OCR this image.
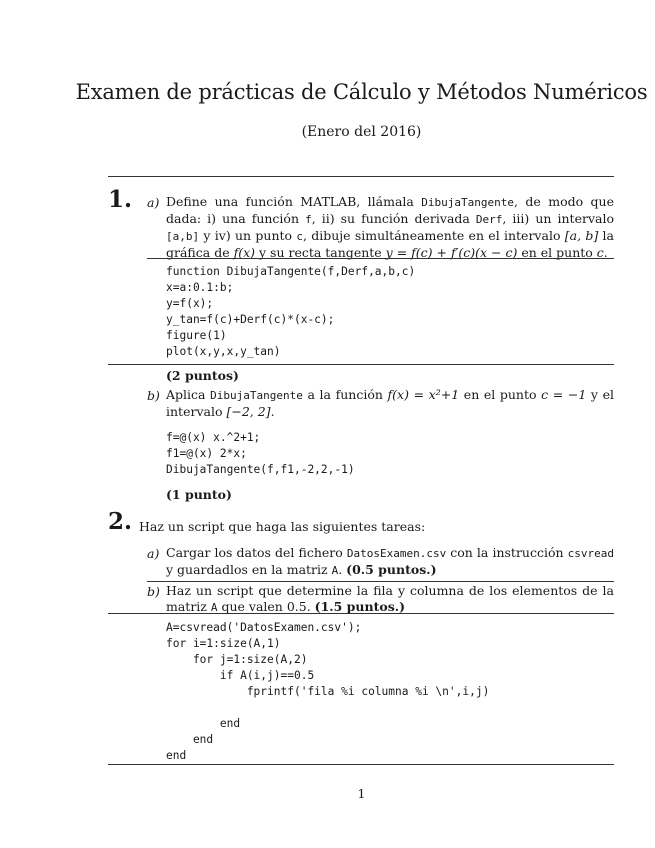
Examen de prácticas de Cálculo y Métodos Numéricos
(Enero del 2016)
1. a) Define una función MATLAB, llámala DibujaTangente, de modo que dada: i) una función f, ii) su función derivada Derf, iii) un intervalo [a,b] y iv) un punto c, dibuje simultáneamente en el intervalo [a, b] la gráfica de f(x) y su recta tangente y = f(c) + f′(c)(x − c) en el punto c.
function DibujaTangente(f,Derf,a,b,c)
x=a:0.1:b;
y=f(x);
y_tan=f(c)+Derf(c)*(x-c);
figure(1)
plot(x,y,x,y_tan)
(2 puntos)
b) Aplica DibujaTangente a la función f(x) = x²+1 en el punto c = −1 y el intervalo [−2, 2].
f=@(x) x.^2+1;
f1=@(x) 2*x;
DibujaTangente(f,f1,-2,2,-1)
(1 punto)
2. Haz un script que haga las siguientes tareas:
a) Cargar los datos del fichero DatosExamen.csv con la instrucción csvread y guardadlos en la matriz A. (0.5 puntos.)
b) Haz un script que determine la fila y columna de los elementos de la matriz A que valen 0.5. (1.5 puntos.)
A=csvread('DatosExamen.csv');
for i=1:size(A,1)
for j=1:size(A,2)
if A(i,j)==0.5
fprintf('fila %i columna %i \n',i,j)

end
end
end
1
